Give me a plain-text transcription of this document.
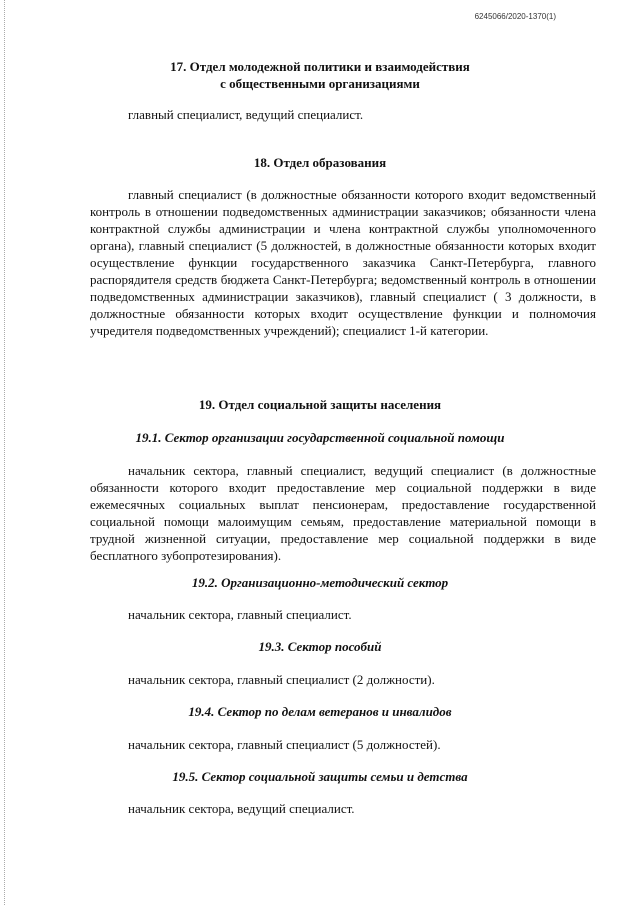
6245066/2020-1370(1)
17. Отдел молодежной политики и взаимодействия
с общественными организациями
главный специалист, ведущий специалист.
18. Отдел образования

главный специалист (в должностные обязанности которого входит ведомственный контроль в отношении подведомственных администрации заказчиков; обязанности члена контрактной службы администрации и члена контрактной службы уполномоченного органа), главный специалист (5 должностей, в должностные обязанности которых входит осуществление функции государственного заказчика Санкт-Петербурга, главного распорядителя средств бюджета Санкт-Петербурга; ведомственный контроль в отношении подведомственных администрации заказчиков), главный специалист ( 3 должности, в должностные обязанности которых входит осуществление функции и полномочия учредителя подведомственных учреждений); специалист 1-й категории.

19. Отдел социальной защиты населения
19.1. Сектор организации государственной социальной помощи

начальник сектора, главный специалист, ведущий специалист (в должностные обязанности которого входит предоставление мер социальной поддержки в виде ежемесячных социальных выплат пенсионерам, предоставление государственной социальной помощи малоимущим семьям, предоставление материальной помощи в трудной жизненной ситуации, предоставление мер социальной поддержки в виде бесплатного зубопротезирования).

19.2. Организационно-методический сектор
начальник сектора, главный специалист.
19.3. Сектор пособий
начальник сектора, главный специалист (2 должности).
19.4. Сектор по делам ветеранов и инвалидов
начальник сектора, главный специалист (5 должностей).
19.5. Сектор социальной защиты семьи и детства
начальник сектора, ведущий специалист.
